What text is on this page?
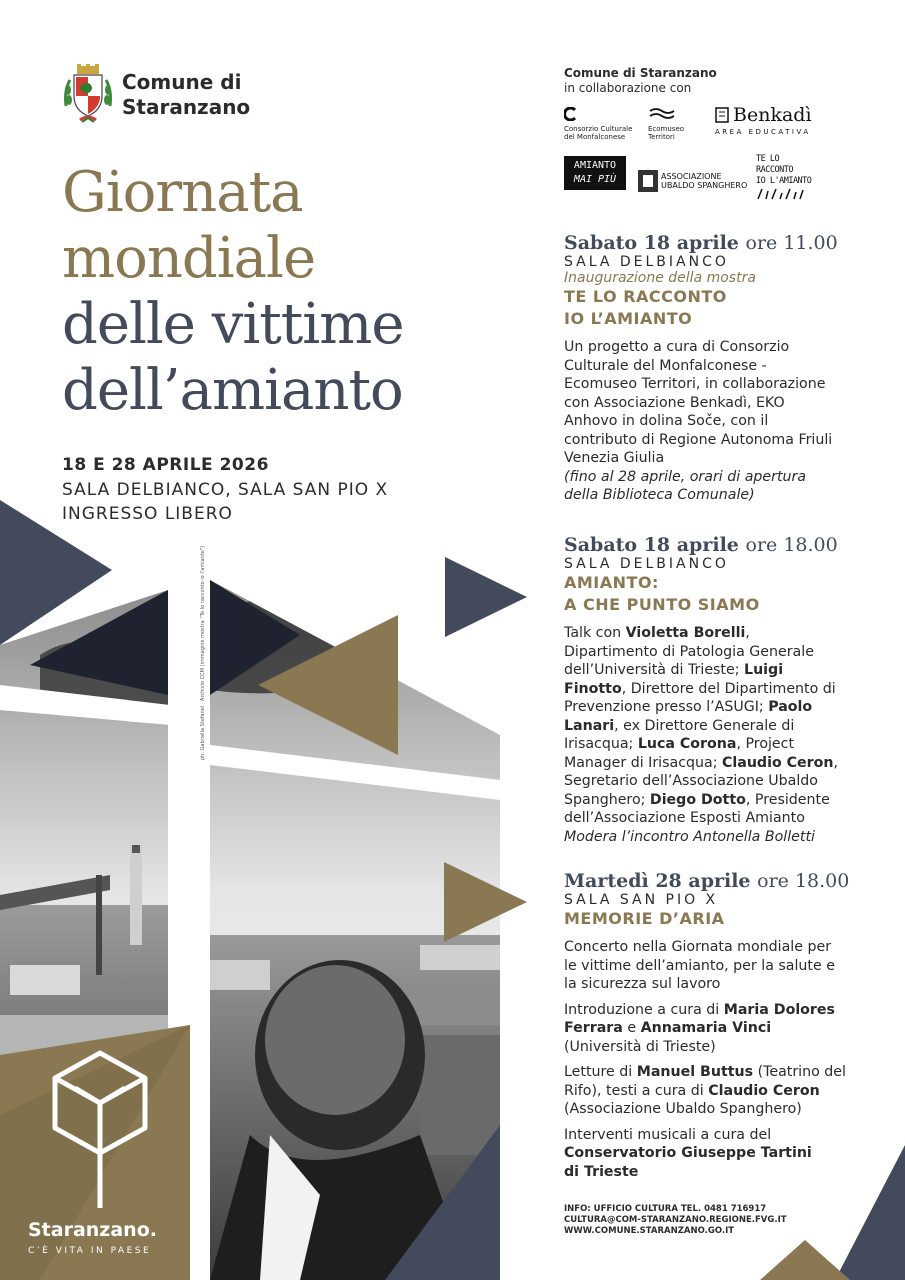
Comune di
Staranzano
Giornata
mondiale
delle vittime
dell’amianto
18 E 28 APRILE 2026
SALA DELBIANCO, SALA SAN PIO X
INGRESSO LIBERO
Staranzano.
C’È VITA IN PAESE
ph. Gabriella Stefanel · Archivio CCM (immagine mostra “Te lo racconto io l’amianto”)
Comune di Staranzano
in collaborazione con
Consorzio Culturale del Monfalconese
Ecomuseo Territori
Benkadì
AREA EDUCATIVA
AMIANTO
MAI PIÙ	ASSOCIAZIONE
UBALDO SPANGHERO
TE LO RACCONTO
IO L'AMIANTO
Sabato 18 aprile ore 11.00
SALA DELBIANCO
Inaugurazione della mostra
TE LO RACCONTO
IO L’AMIANTO
Un progetto a cura di Consorzio Culturale del Monfalconese - Ecomuseo Territori, in collaborazione con Associazione Benkadì, EKO Anhovo in dolina Soče, con il contributo di Regione Autonoma Friuli Venezia Giulia
(fino al 28 aprile, orari di apertura della Biblioteca Comunale)
Sabato 18 aprile ore 18.00
SALA DELBIANCO
AMIANTO:
A CHE PUNTO SIAMO
Talk con Violetta Borelli, Dipartimento di Patologia Generale dell’Università di Trieste; Luigi Finotto, Direttore del Dipartimento di Prevenzione presso l’ASUGI; Paolo Lanari, ex Direttore Generale di Irisacqua; Luca Corona, Project Manager di Irisacqua; Claudio Ceron, Segretario dell’Associazione Ubaldo Spanghero; Diego Dotto, Presidente dell’Associazione Esposti Amianto
Modera l’incontro Antonella Bolletti
Martedì 28 aprile ore 18.00
SALA SAN PIO X
MEMORIE D’ARIA
Concerto nella Giornata mondiale per le vittime dell’amianto, per la salute e la sicurezza sul lavoro
Introduzione a cura di Maria Dolores Ferrara e Annamaria Vinci (Università di Trieste)
Letture di Manuel Buttus (Teatrino del Rifo), testi a cura di Claudio Ceron (Associazione Ubaldo Spanghero)
Interventi musicali a cura del Conservatorio Giuseppe Tartini di Trieste
INFO: UFFICIO CULTURA TEL. 0481 716917
CULTURA@COM-STARANZANO.REGIONE.FVG.IT
WWW.COMUNE.STARANZANO.GO.IT
